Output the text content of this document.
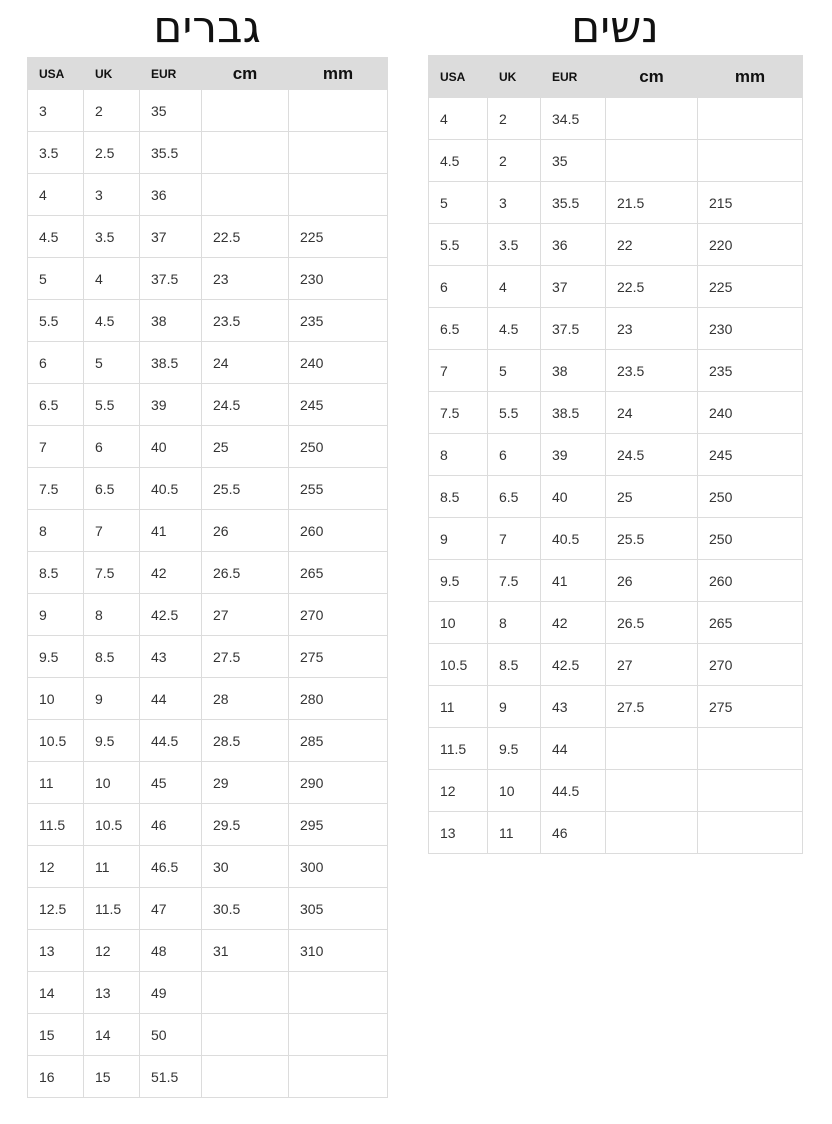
גברים
USA	UK	EUR	cm	mm
3	2	35		
3.5	2.5	35.5		
4	3	36		
4.5	3.5	37	22.5	225
5	4	37.5	23	230
5.5	4.5	38	23.5	235
6	5	38.5	24	240
6.5	5.5	39	24.5	245
7	6	40	25	250
7.5	6.5	40.5	25.5	255
8	7	41	26	260
8.5	7.5	42	26.5	265
9	8	42.5	27	270
9.5	8.5	43	27.5	275
10	9	44	28	280
10.5	9.5	44.5	28.5	285
11	10	45	29	290
11.5	10.5	46	29.5	295
12	11	46.5	30	300
12.5	11.5	47	30.5	305
13	12	48	31	310
14	13	49		
15	14	50		
16	15	51.5		
נשים
USA	UK	EUR	cm	mm
4	2	34.5		
4.5	2	35		
5	3	35.5	21.5	215
5.5	3.5	36	22	220
6	4	37	22.5	225
6.5	4.5	37.5	23	230
7	5	38	23.5	235
7.5	5.5	38.5	24	240
8	6	39	24.5	245
8.5	6.5	40	25	250
9	7	40.5	25.5	250
9.5	7.5	41	26	260
10	8	42	26.5	265
10.5	8.5	42.5	27	270
11	9	43	27.5	275
11.5	9.5	44		
12	10	44.5		
13	11	46		
